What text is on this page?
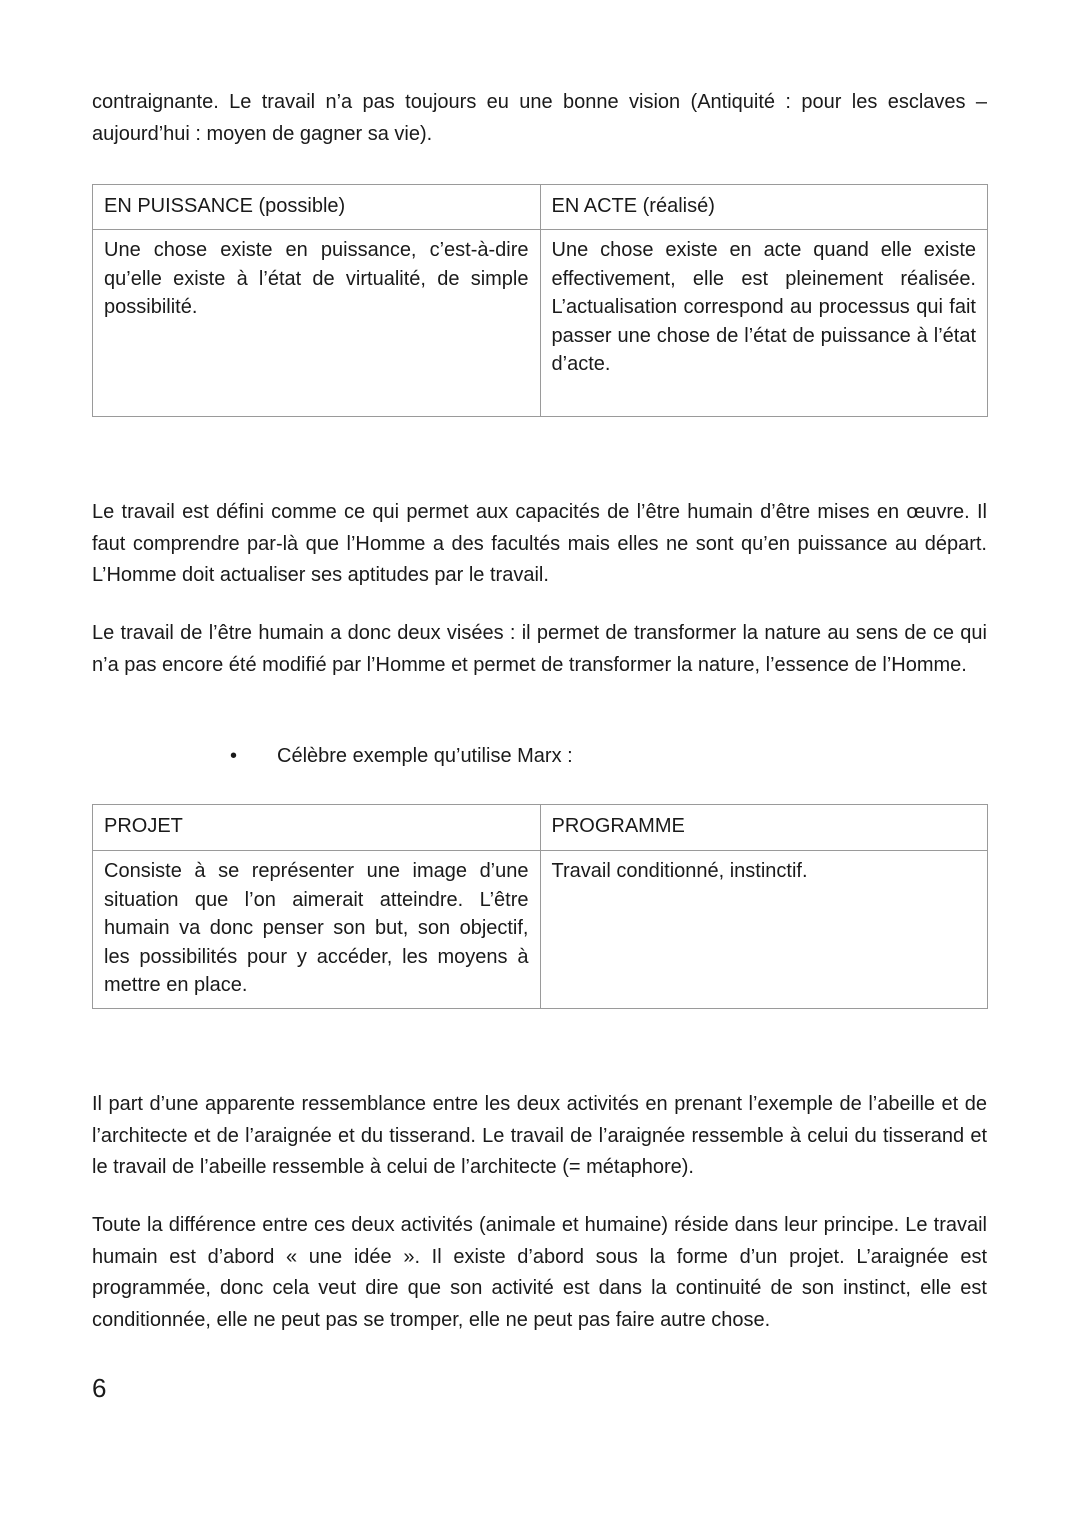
contraignante. Le travail n’a pas toujours eu une bonne vision (Antiquité : pour les esclaves – aujourd’hui : moyen de gagner sa vie).

EN PUISSANCE (possible)	EN ACTE (réalisé)
Une chose existe en puissance, c’est-à-dire qu’elle existe à l’état de virtualité, de simple possibilité.	Une chose existe en acte quand elle existe effectivement, elle est pleinement réalisée. L’actualisation correspond au processus qui fait passer une chose de l’état de puissance à l’état d’acte.

Le travail est défini comme ce qui permet aux capacités de l’être humain d’être mises en œuvre. Il faut comprendre par-là que l’Homme a des facultés mais elles ne sont qu’en puissance au départ. L’Homme doit actualiser ses aptitudes par le travail.

Le travail de l’être humain a donc deux visées : il permet de transformer la nature au sens de ce qui n’a pas encore été modifié par l’Homme et permet de transformer la nature, l’essence de l’Homme.

•	Célèbre exemple qu’utilise Marx :
PROJET	PROGRAMME
Consiste à se représenter une image d’une situation que l’on aimerait atteindre. L’être humain va donc penser son but, son objectif, les possibilités pour y accéder, les moyens à mettre en place.	Travail conditionné, instinctif.

Il part d’une apparente ressemblance entre les deux activités en prenant l’exemple de l’abeille et de l’architecte et de l’araignée et du tisserand. Le travail de l’araignée ressemble à celui du tisserand et le travail de l’abeille ressemble à celui de l’architecte (= métaphore).

Toute la différence entre ces deux activités (animale et humaine) réside dans leur principe. Le travail humain est d’abord « une idée ». Il existe d’abord sous la forme d’un projet. L’araignée est programmée, donc cela veut dire que son activité est dans la continuité de son instinct, elle est conditionnée, elle ne peut pas se tromper, elle ne peut pas faire autre chose.

6
